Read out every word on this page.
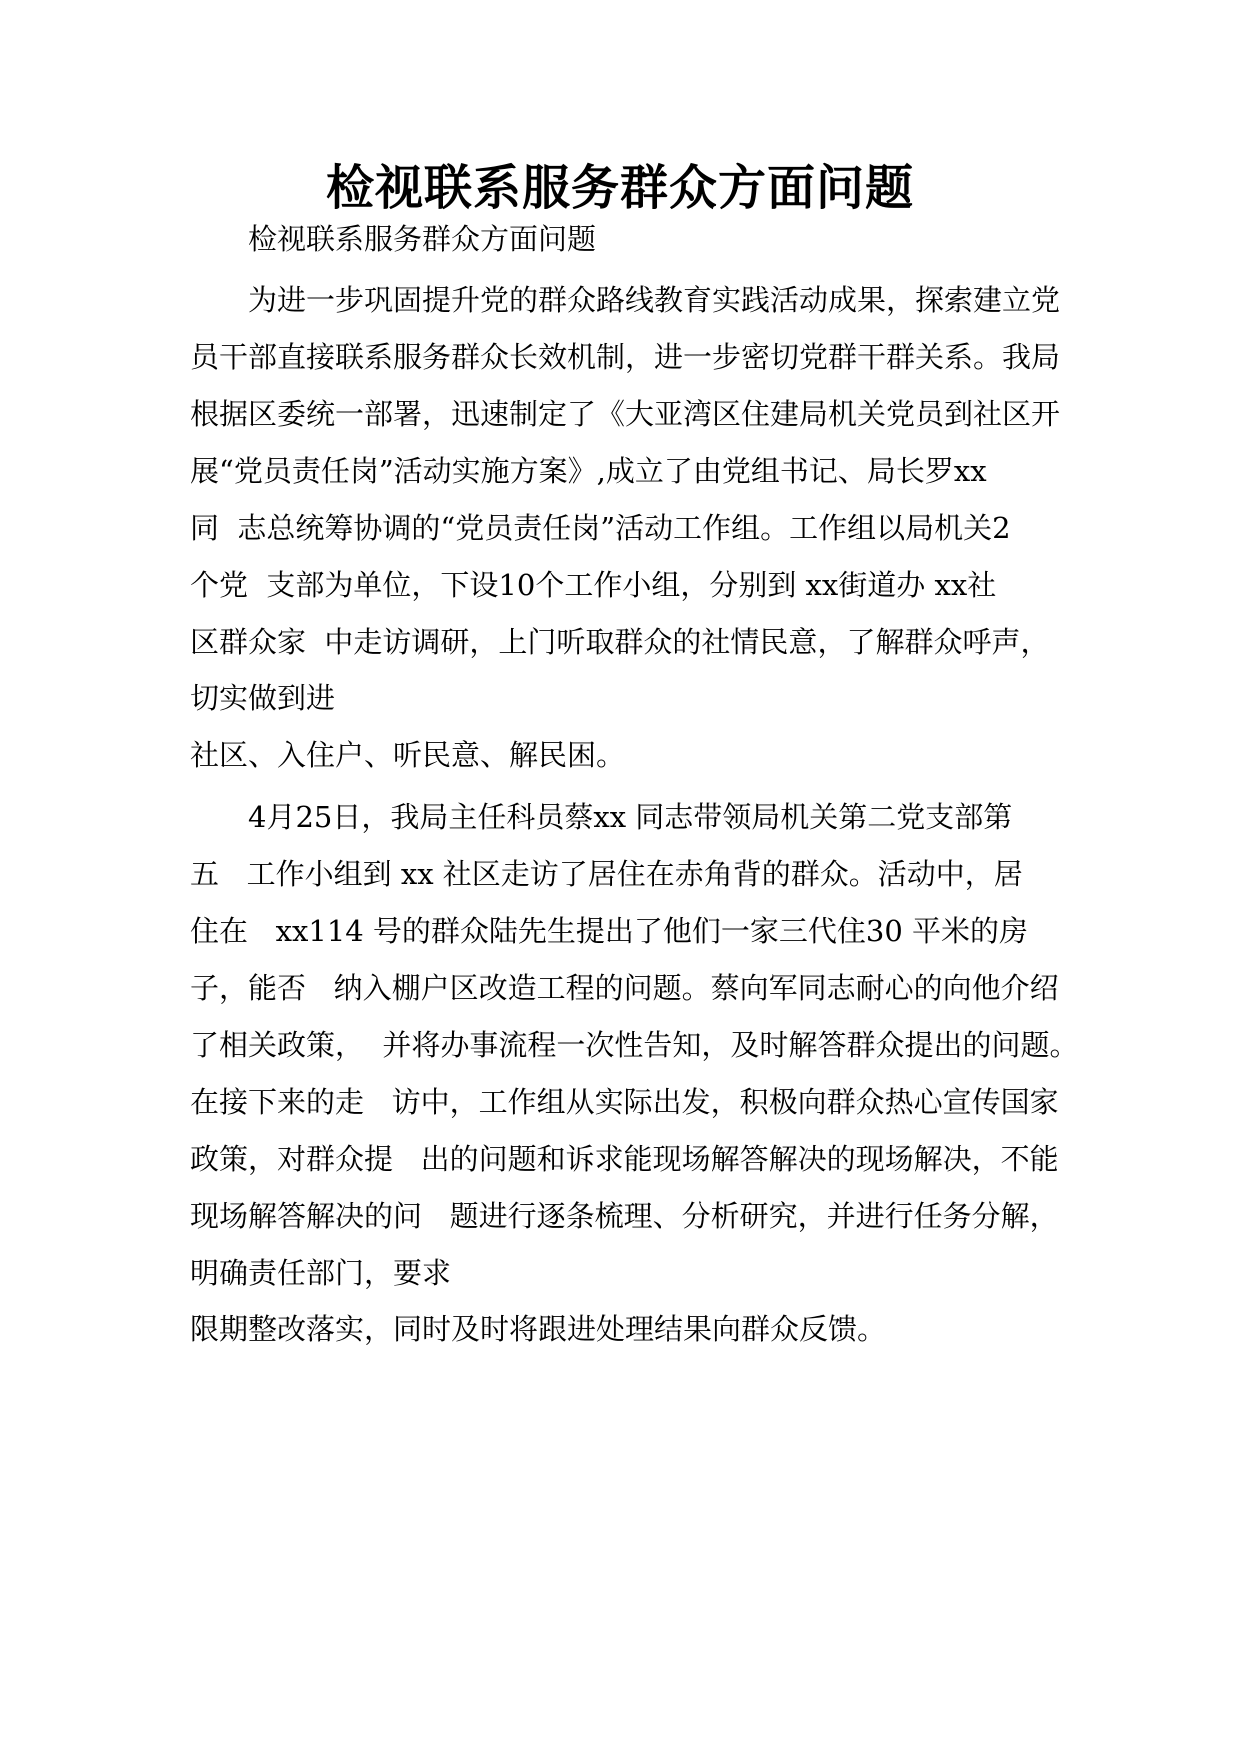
检视联系服务群众方面问题

检视联系服务群众方面问题

为进一步巩固提升党的群众路线教育实践活动成果，探索建立党

员干部直接联系服务群众长效机制，进一步密切党群干群关系。我局

根据区委统一部署，迅速制定了《大亚湾区住建局机关党员到社区开

展“党员责任岗”活动实施方案》,成立了由党组书记、局长罗xx

同  志总统筹协调的“党员责任岗”活动工作组。工作组以局机关2

个党  支部为单位，下设10个工作小组，分别到 xx街道办 xx社

区群众家  中走访调研，上门听取群众的社情民意，了解群众呼声，

切实做到进

社区、入住户、听民意、解民困。

4月25日，我局主任科员蔡xx 同志带领局机关第二党支部第

五   工作小组到 xx 社区走访了居住在赤角背的群众。活动中，居

住在   xx114 号的群众陆先生提出了他们一家三代住30 平米的房

子，能否   纳入棚户区改造工程的问题。蔡向军同志耐心的向他介绍

了相关政策，  并将办事流程一次性告知，及时解答群众提出的问题。

在接下来的走   访中，工作组从实际出发，积极向群众热心宣传国家

政策，对群众提   出的问题和诉求能现场解答解决的现场解决，不能

现场解答解决的问   题进行逐条梳理、分析研究，并进行任务分解，

明确责任部门，要求

限期整改落实，同时及时将跟进处理结果向群众反馈。
